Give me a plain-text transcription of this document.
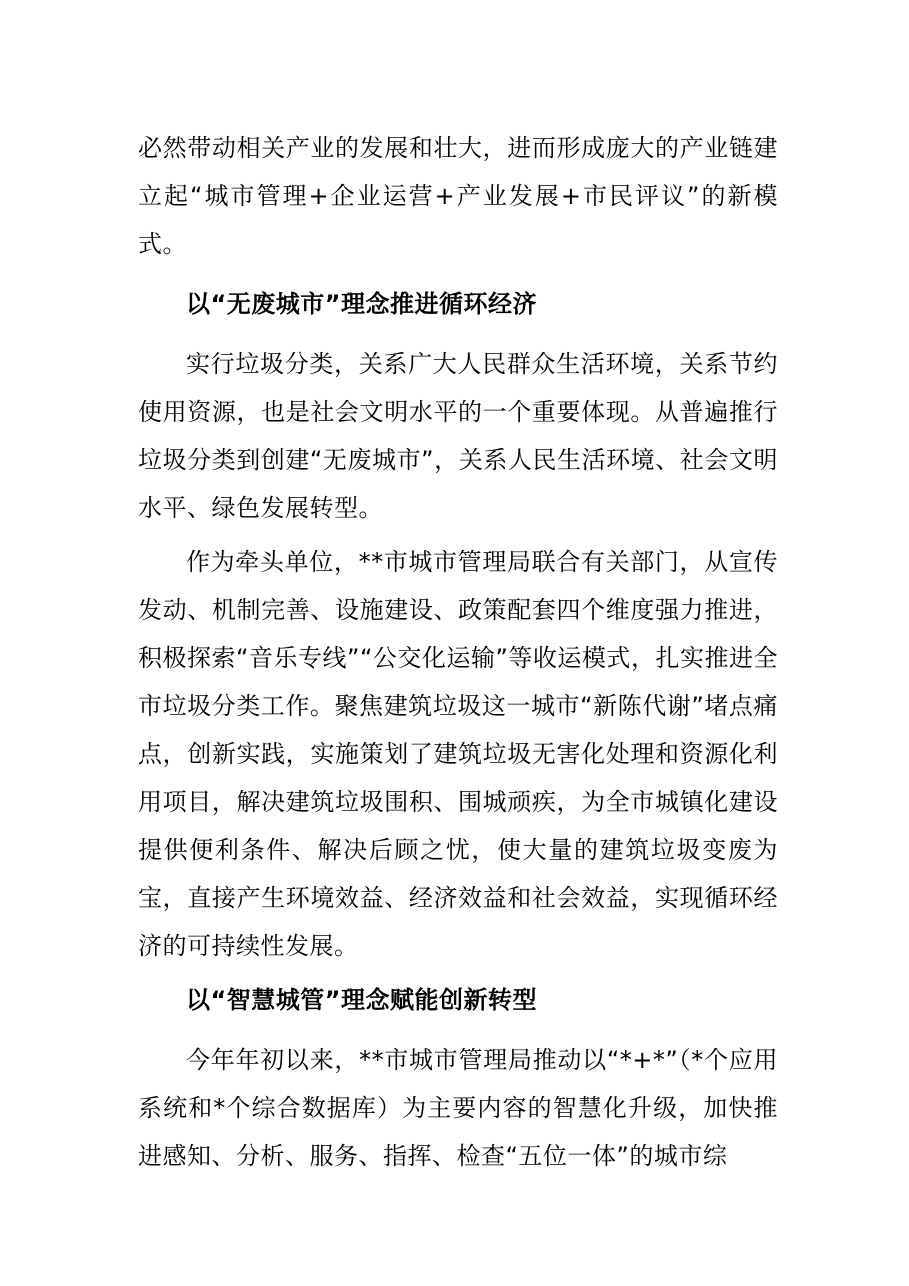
必然带动相关产业的发展和壮大，进而形成庞大的产业链建立起“城市管理+企业运营+产业发展+市民评议”的新模式。

以“无废城市”理念推进循环经济

实行垃圾分类，关系广大人民群众生活环境，关系节约使用资源，也是社会文明水平的一个重要体现。从普遍推行垃圾分类到创建“无废城市”，关系人民生活环境、社会文明水平、绿色发展转型。

作为牵头单位，**市城市管理局联合有关部门，从宣传发动、机制完善、设施建设、政策配套四个维度强力推进，积极探索“音乐专线”“公交化运输”等收运模式，扎实推进全市垃圾分类工作。聚焦建筑垃圾这一城市“新陈代谢”堵点痛点，创新实践，实施策划了建筑垃圾无害化处理和资源化利用项目，解决建筑垃圾围积、围城顽疾，为全市城镇化建设提供便利条件、解决后顾之忧，使大量的建筑垃圾变废为宝，直接产生环境效益、经济效益和社会效益，实现循环经济的可持续性发展。

以“智慧城管”理念赋能创新转型

今年年初以来，**市城市管理局推动以“*+*”（*个应用系统和*个综合数据库）为主要内容的智慧化升级，加快推进感知、分析、服务、指挥、检查“五位一体”的城市综
